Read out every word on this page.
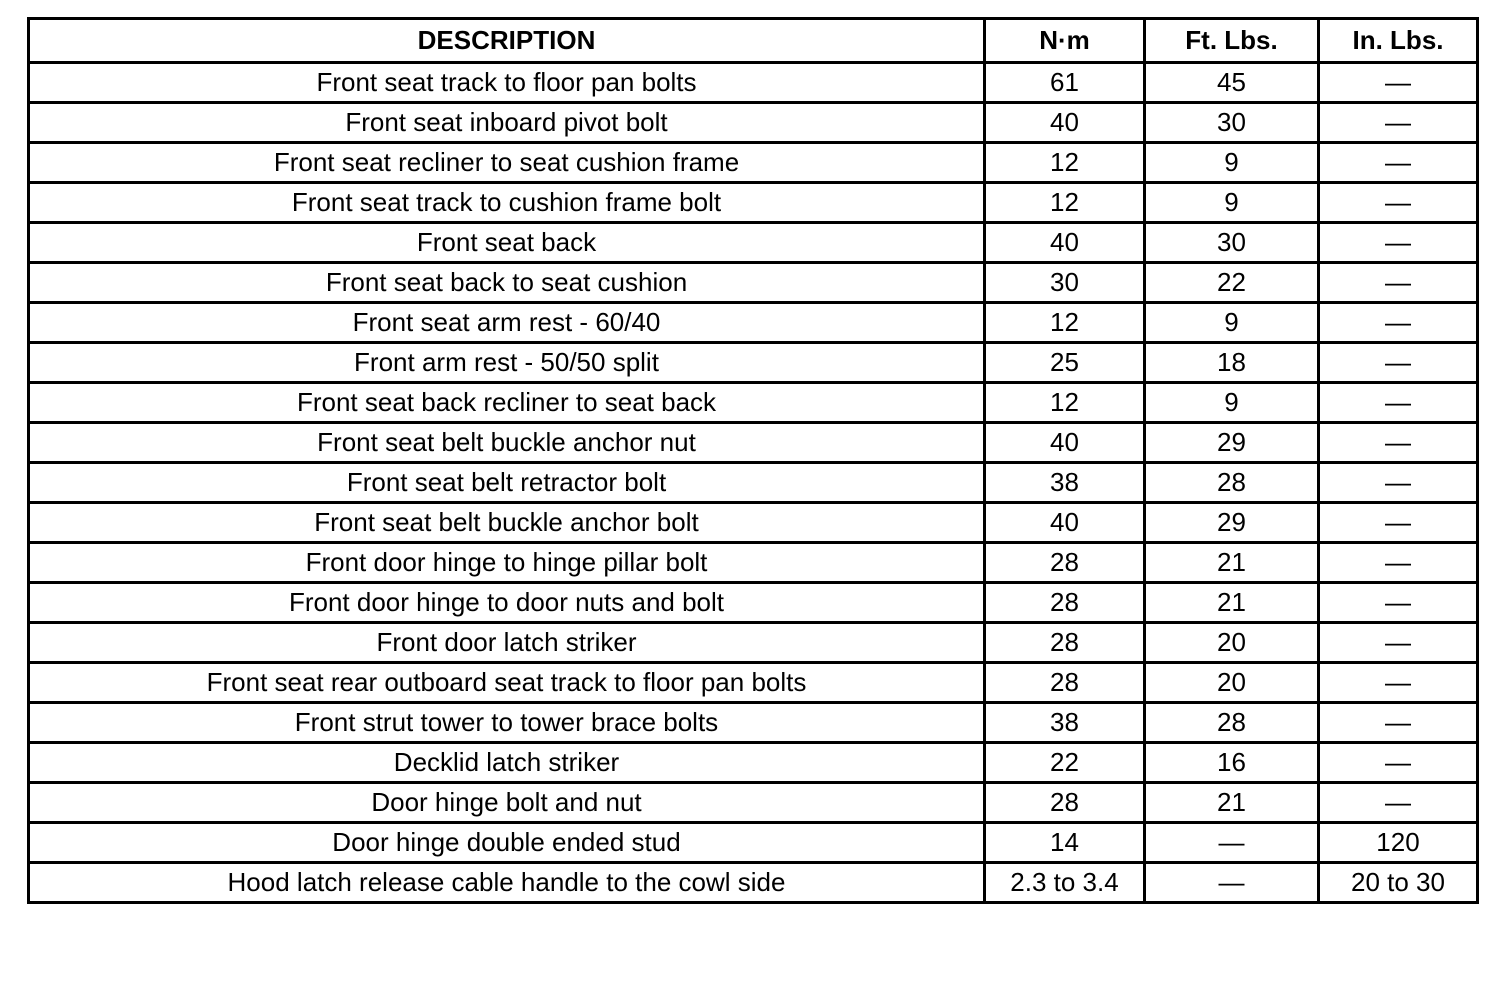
DESCRIPTION	N·m	Ft. Lbs.	In. Lbs.
Front seat track to floor pan bolts	61	45	—
Front seat inboard pivot bolt	40	30	—
Front seat recliner to seat cushion frame	12	9	—
Front seat track to cushion frame bolt	12	9	—
Front seat back	40	30	—
Front seat back to seat cushion	30	22	—
Front seat arm rest - 60/40	12	9	—
Front arm rest - 50/50 split	25	18	—
Front seat back recliner to seat back	12	9	—
Front seat belt buckle anchor nut	40	29	—
Front seat belt retractor bolt	38	28	—
Front seat belt buckle anchor bolt	40	29	—
Front door hinge to hinge pillar bolt	28	21	—
Front door hinge to door nuts and bolt	28	21	—
Front door latch striker	28	20	—
Front seat rear outboard seat track to floor pan bolts	28	20	—
Front strut tower to tower brace bolts	38	28	—
Decklid latch striker	22	16	—
Door hinge bolt and nut	28	21	—
Door hinge double ended stud	14	—	120
Hood latch release cable handle to the cowl side	2.3 to 3.4	—	20 to 30
